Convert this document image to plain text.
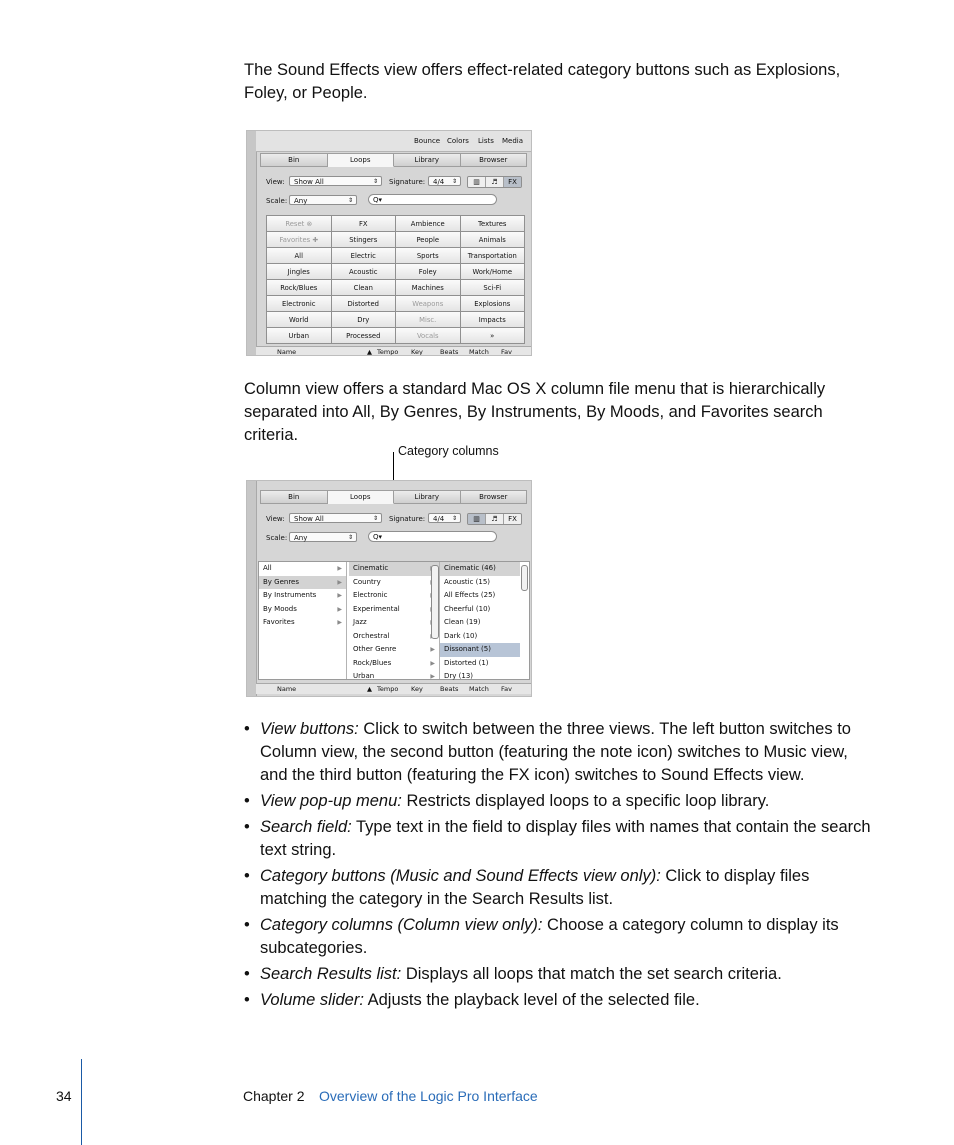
The Sound Effects view offers effect-related category buttons such as Explosions, Foley, or People.

Bounce Colors Lists Media
Bin	Loops	Library	Browser
View:	Show All	⇕ Signature:	4/4 ⇕	▥	♬	FX
Scale: Any	⇕	Q▾
Reset ⊗	FX	Ambience	Textures
Favorites ✚	Stingers	People	Animals
All	Electric	Sports	Transportation
Jingles	Acoustic	Foley	Work/Home
Rock/Blues	Clean	Machines	Sci-Fi
Electronic	Distorted	Weapons	Explosions
World	Dry	Misc.	Impacts
Urban	Processed	Vocals	»
Name	▲ Tempo Key	Beats Match Fav

Column view offers a standard Mac OS X column file menu that is hierarchically separated into All, By Genres, By Instruments, By Moods, and Favorites search criteria.

Category columns
Bin	Loops	Library	Browser
View:	Show All	⇕ Signature:	4/4 ⇕	▥	♬	FX
Scale: Any	⇕	Q▾
All	▶
By Genres	▶
By Instruments	▶
By Moods	▶
Favorites	▶
Cinematic
Country
Electronic
Experimental
Jazz
Orchestral
Other Genre	▶
Rock/Blues	▶
Urban	▶
Cinematic (46)
Acoustic (15)
All Effects (25)
Cheerful (10)
Clean (19)
Dark (10)
Dissonant (5)
Distorted (1)
Dry (13)
Name	▲ Tempo Key	Beats Match Fav
• View buttons: Click to switch between the three views. The left button switches to Column view, the second button (featuring the note icon) switches to Music view, and the third button (featuring the FX icon) switches to Sound Effects view.
• View pop-up menu: Restricts displayed loops to a specific loop library.
• Search field: Type text in the field to display files with names that contain the search text string.
• Category buttons (Music and Sound Effects view only): Click to display files matching the category in the Search Results list.
• Category columns (Column view only): Choose a category column to display its subcategories.
• Search Results list: Displays all loops that match the set search criteria.
• Volume slider: Adjusts the playback level of the selected file.
34	Chapter 2 Overview of the Logic Pro Interface
